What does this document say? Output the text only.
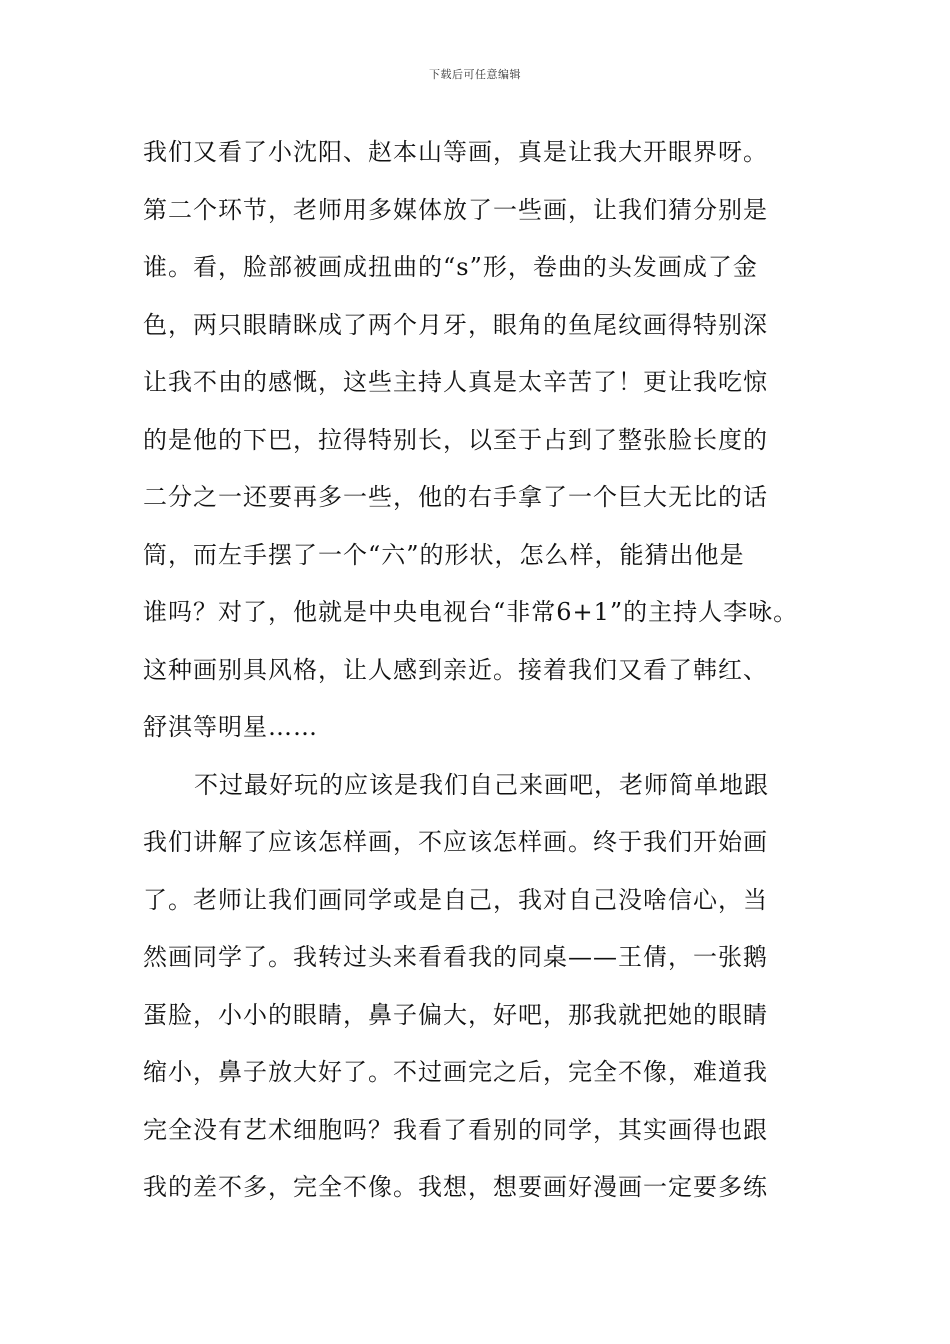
下载后可任意编辑
我们又看了小沈阳、赵本山等画，真是让我大开眼界呀。
第二个环节，老师用多媒体放了一些画，让我们猜分别是
谁。看，脸部被画成扭曲的“s”形，卷曲的头发画成了金
色，两只眼睛眯成了两个月牙，眼角的鱼尾纹画得特别深
让我不由的感慨，这些主持人真是太辛苦了！更让我吃惊
的是他的下巴，拉得特别长，以至于占到了整张脸长度的
二分之一还要再多一些，他的右手拿了一个巨大无比的话
筒，而左手摆了一个“六”的形状，怎么样，能猜出他是
谁吗？对了，他就是中央电视台“非常6+1”的主持人李咏。
这种画别具风格，让人感到亲近。接着我们又看了韩红、
舒淇等明星……
不过最好玩的应该是我们自己来画吧，老师简单地跟
我们讲解了应该怎样画，不应该怎样画。终于我们开始画
了。老师让我们画同学或是自己，我对自己没啥信心，当
然画同学了。我转过头来看看我的同桌——王倩，一张鹅
蛋脸，小小的眼睛，鼻子偏大，好吧，那我就把她的眼睛
缩小，鼻子放大好了。不过画完之后，完全不像，难道我
完全没有艺术细胞吗？我看了看别的同学，其实画得也跟
我的差不多，完全不像。我想，想要画好漫画一定要多练
